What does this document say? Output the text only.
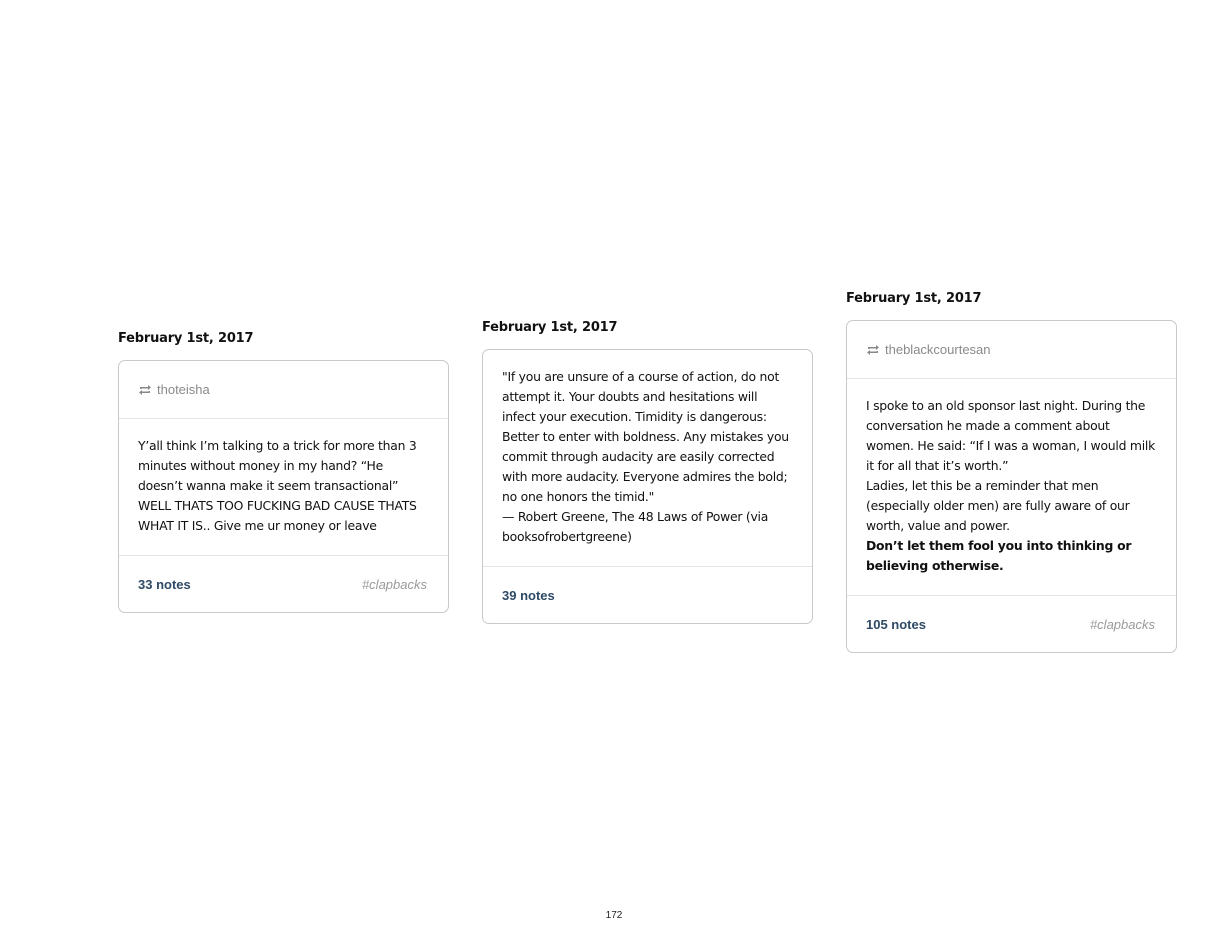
February 1st, 2017
thoteisha

Y’all think I’m talking to a trick for more than 3 minutes without money in my hand? “He doesn’t wanna make it seem transactional” WELL THATS TOO FUCKING BAD CAUSE THATS WHAT IT IS.. Give me ur money or leave

33 notes	#clapbacks
February 1st, 2017

"If you are unsure of a course of action, do not attempt it. Your doubts and hesitations will infect your execution. Timidity is dangerous: Better to enter with boldness. Any mistakes you commit through audacity are easily corrected with more audacity. Everyone admires the bold; no one honors the timid."

— Robert Greene, The 48 Laws of Power (via booksofrobertgreene)

39 notes
February 1st, 2017
theblackcourtesan

I spoke to an old sponsor last night. During the conversation he made a comment about women. He said: “If I was a woman, I would milk it for all that it’s worth.”

Ladies, let this be a reminder that men (especially older men) are fully aware of our worth, value and power.

Don’t let them fool you into thinking or believing otherwise.

105 notes	#clapbacks
172
